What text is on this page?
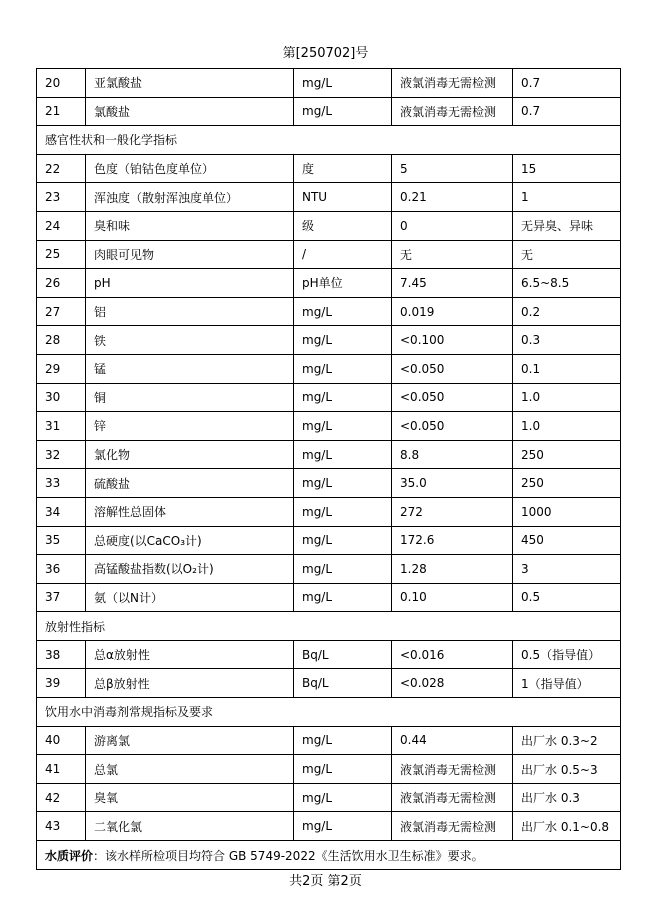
第[250702]号
20	亚氯酸盐	mg/L	液氯消毒无需检测	0.7
21	氯酸盐	mg/L	液氯消毒无需检测	0.7
感官性状和一般化学指标				
22	色度（铂钴色度单位）	度	5	15
23	浑浊度（散射浑浊度单位）	NTU	0.21	1
24	臭和味	级	0	无异臭、异味
25	肉眼可见物	/	无	无
26	pH	pH单位	7.45	6.5~8.5
27	铝	mg/L	0.019	0.2
28	铁	mg/L	<0.100	0.3
29	锰	mg/L	<0.050	0.1
30	铜	mg/L	<0.050	1.0
31	锌	mg/L	<0.050	1.0
32	氯化物	mg/L	8.8	250
33	硫酸盐	mg/L	35.0	250
34	溶解性总固体	mg/L	272	1000
35	总硬度(以CaCO₃计)	mg/L	172.6	450
36	高锰酸盐指数(以O₂计)	mg/L	1.28	3
37	氨（以N计）	mg/L	0.10	0.5
放射性指标				
38	总α放射性	Bq/L	<0.016	0.5（指导值）
39	总β放射性	Bq/L	<0.028	1（指导值）
饮用水中消毒剂常规指标及要求				
40	游离氯	mg/L	0.44	出厂水 0.3~2
41	总氯	mg/L	液氯消毒无需检测	出厂水 0.5~3
42	臭氧	mg/L	液氯消毒无需检测	出厂水 0.3
43	二氧化氯	mg/L	液氯消毒无需检测	出厂水 0.1~0.8
水质评价：该水样所检项目均符合 GB 5749-2022《生活饮用水卫生标准》要求。				
共2页 第2页
